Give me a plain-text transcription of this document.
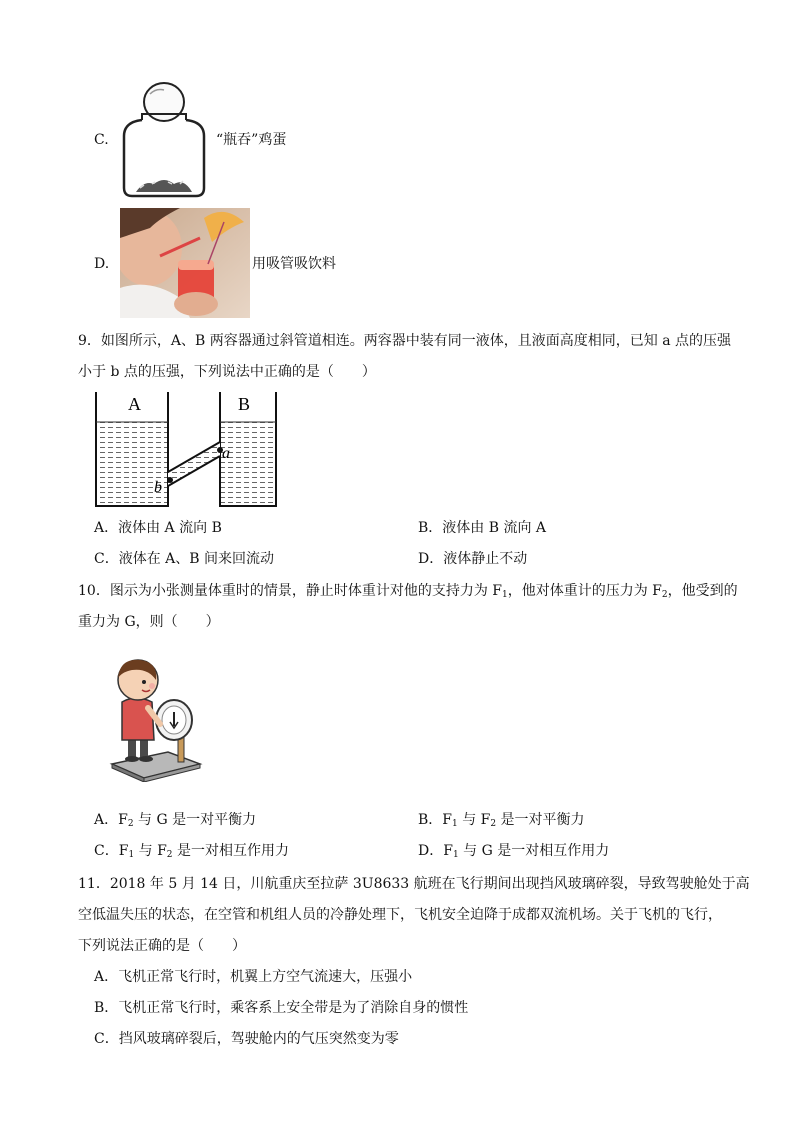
C.	“瓶吞”鸡蛋
D.	用吸管吸饮料
9．如图所示，A、B 两容器通过斜管道相连。两容器中装有同一液体，且液面高度相同，已知 a 点的压强
小于 b 点的压强，下列说法中正确的是（　　）
A	B
a
b
A．液体由 A 流向 B	B．液体由 B 流向 A
C．液体在 A、B 间来回流动	D．液体静止不动
10．图示为小张测量体重时的情景，静止时体重计对他的支持力为 $F_1$，他对体重计的压力为 $F_2$，他受到的
重力为 G，则（　　）
A．$F_2$ 与 G 是一对平衡力	B．$F_1$ 与 $F_2$ 是一对平衡力
C．$F_1$ 与 $F_2$ 是一对相互作用力	D．$F_1$ 与 G 是一对相互作用力
11．2018 年 5 月 14 日，川航重庆至拉萨 3U8633 航班在飞行期间出现挡风玻璃碎裂，导致驾驶舱处于高
空低温失压的状态，在空管和机组人员的冷静处理下，飞机安全迫降于成都双流机场。关于飞机的飞行，
下列说法正确的是（　　）
A．飞机正常飞行时，机翼上方空气流速大，压强小
B．飞机正常飞行时，乘客系上安全带是为了消除自身的惯性
C．挡风玻璃碎裂后，驾驶舱内的气压突然变为零
